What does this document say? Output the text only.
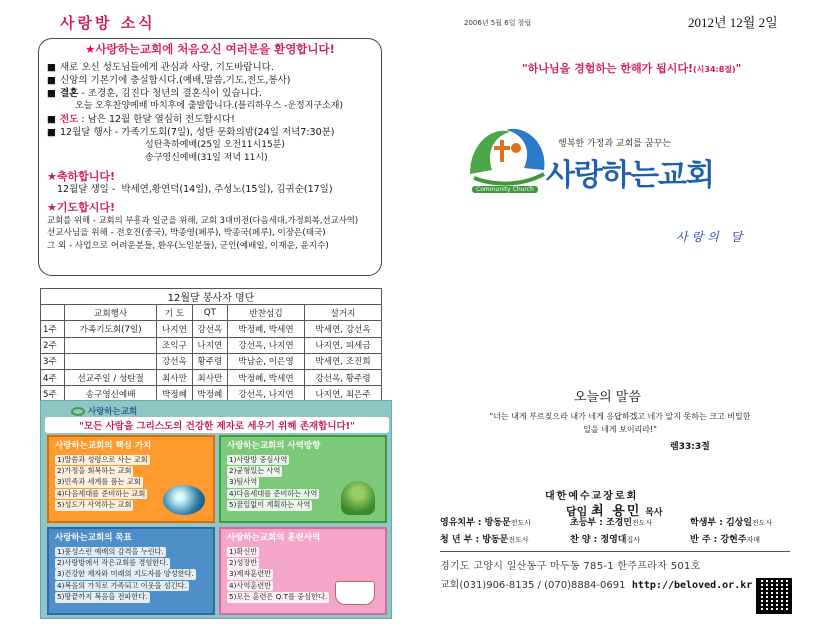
사랑방 소식
★사랑하는교회에 처음오신 여러분을 환영합니다!
■ 새로 오신 성도님들에게 관심과 사랑, 기도바랍니다.
■ 신앙의 기본기에 충실합시다.(예배,말씀,기도,전도,봉사)
■ 결혼 - 조경훈, 김진다 청년의 결혼식이 있습니다.
오늘 오후찬양예배 마치후에 출발합니다.(블리하우스 -운정지구소재)
■ 전도 : 남은 12월 한달 열심히 전도합시다!
■ 12월달 행사 - 가족기도회(7일), 성탄 문화의밤(24일 저녁7:30분)
성탄축하예배(25일 오전11시15분)
송구영신예배(31일 저녁 11시)
★축하합니다!
12월달 생일 - 박세연,황연덕(14일), 주성노(15일), 김귀순(17일)
★기도합시다!
교회를 위해 - 교회의 부흥과 일군을 위해, 교회 3대비전(다음세대,가정회복,선교사역)
선교사님을 위해 - 전호진(중국), 박종영(페루), 박종국(페루), 이장은(태국)
그 외 - 사업으로 어려운분들, 환우(노인분들), 군인(예배일, 이재운, 윤지수)
12월달 봉사자 명단					
	교회행사	기 도	QT	반찬섬김	설거지
1주	가족기도회(7일)	나지연	강선옥	박정혜, 박세연	박세연, 강선옥
2주		조익구	나지연	강선옥, 나지연	나지연, 피세금
3주		강선옥	황주령	박남순, 이은영	박세연, 조진희
4주	선교주일 / 성탄절	최사만	최사만	박정혜, 박세연	강선옥, 황주령
5주	송구영신예배	박정혜	박정혜	강선옥, 나지연	나지연, 최은주
사랑하는교회
"모든 사람을 그리스도의 건강한 제자로 세우기 위해 존재합니다!"
사랑하는교회의 핵심 가치
1)말씀과 성령으로 사는 교회
2)가정을 회복하는 교회
3)민족과 세계를 품는 교회
4)다음세대를 준비하는 교회
5)성도가 사역하는 교회
사랑하는교회의 사역방향
1)사랑방 중심사역
2)균형있는 사역
3)팀사역
4)다음세대를 준비하는 사역
5)꿈일없이 계획하는 사역
사랑하는교회의 목표
1)풍성스런 예배의 감격을 누린다.
2)사랑방에서 작은교회를 경험한다.
3)건강한 제자와 미래의 지도자를 양성한다.
4)복음의 가치로 가족되고 이웃을 섬긴다.
5)땅끝까지 복음을 전파한다.
사랑하는교회의 훈련사역
1)확신반
2)성장반
3)제자훈련반
4)사역훈련반
5)모든 훈련은 Q.T를 중심한다.
2006년 5월 6일 창립	2012년 12월 2일
"하나님을 경험하는 한해가 됩시다!(시34:8절)"
행복한 가정과 교회를 꿈꾸는
사랑하는교회
Community Church
사랑의 달
오늘의 말씀
"너는 내게 부르짖으라 내가 네게 응답하겠고 네가 알지 못하는 크고 비밀한 일을 네게 보이리라!"
렘33:3절
대한예수교장로회
담임 최 용민 목사
영유치부 : 방동문전도사	초등부 : 조경민전도사	학생부 : 김상일전도사
청 년 부 : 방동문전도사	찬 양 : 정영대집사	반 주 : 강현주자매
경기도 고양시 일산동구 마두동 785-1 한주프라자 501호
교회(031)906-8135 / (070)8884-0691 http://beloved.or.kr
